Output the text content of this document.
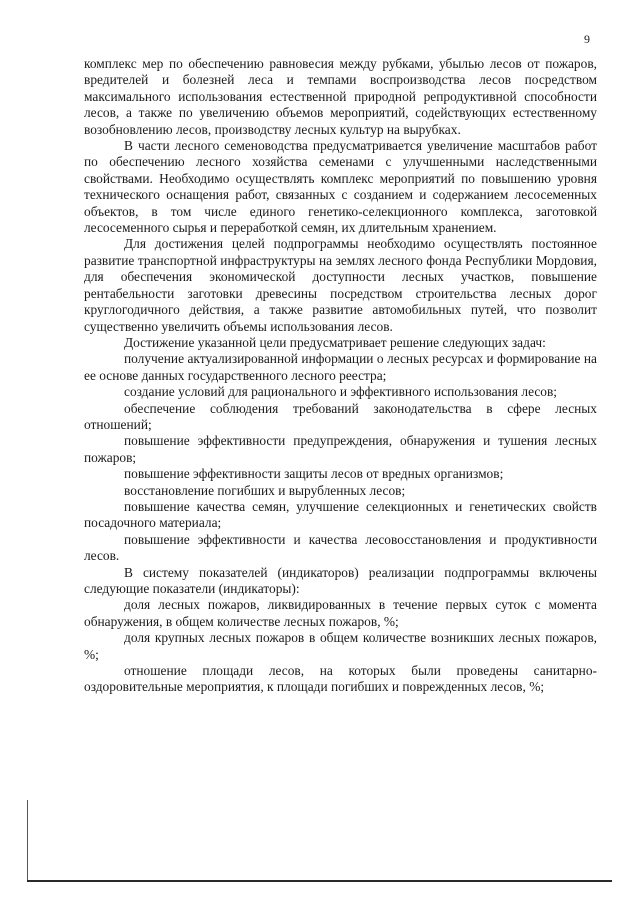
9

комплекс мер по обеспечению равновесия между рубками, убылью лесов от пожаров, вредителей и болезней леса и темпами воспроизводства лесов посредством максимального использования естественной природной репродуктивной способности лесов, а также по увеличению объемов мероприятий, содействующих естественному возобновлению лесов, производству лесных культур на вырубках.

В части лесного семеноводства предусматривается увеличение масштабов работ по обеспечению лесного хозяйства семенами с улучшенными наследственными свойствами. Необходимо осуществлять комплекс мероприятий по повышению уровня технического оснащения работ, связанных с созданием и содержанием лесосеменных объектов, в том числе единого генетико-селекционного комплекса, заготовкой лесосеменного сырья и переработкой семян, их длительным хранением.

Для достижения целей подпрограммы необходимо осуществлять постоянное развитие транспортной инфраструктуры на землях лесного фонда Республики Мордовия, для обеспечения экономической доступности лесных участков, повышение рентабельности заготовки древесины посредством строительства лесных дорог круглогодичного действия, а также развитие автомобильных путей, что позволит существенно увеличить объемы использования лесов.

Достижение указанной цели предусматривает решение следующих задач:

получение актуализированной информации о лесных ресурсах и формирование на ее основе данных государственного лесного реестра;

создание условий для рационального и эффективного использования лесов;

обеспечение соблюдения требований законодательства в сфере лесных отношений;

повышение эффективности предупреждения, обнаружения и тушения лесных пожаров;

повышение эффективности защиты лесов от вредных организмов;

восстановление погибших и вырубленных лесов;

повышение качества семян, улучшение селекционных и генетических свойств посадочного материала;

повышение эффективности и качества лесовосстановления и продуктивности лесов.

В систему показателей (индикаторов) реализации подпрограммы включены следующие показатели (индикаторы):

доля лесных пожаров, ликвидированных в течение первых суток с момента обнаружения, в общем количестве лесных пожаров, %;

доля крупных лесных пожаров в общем количестве возникших лесных пожаров, %;

отношение площади лесов, на которых были проведены санитарно-оздоровительные мероприятия, к площади погибших и поврежденных лесов, %;
